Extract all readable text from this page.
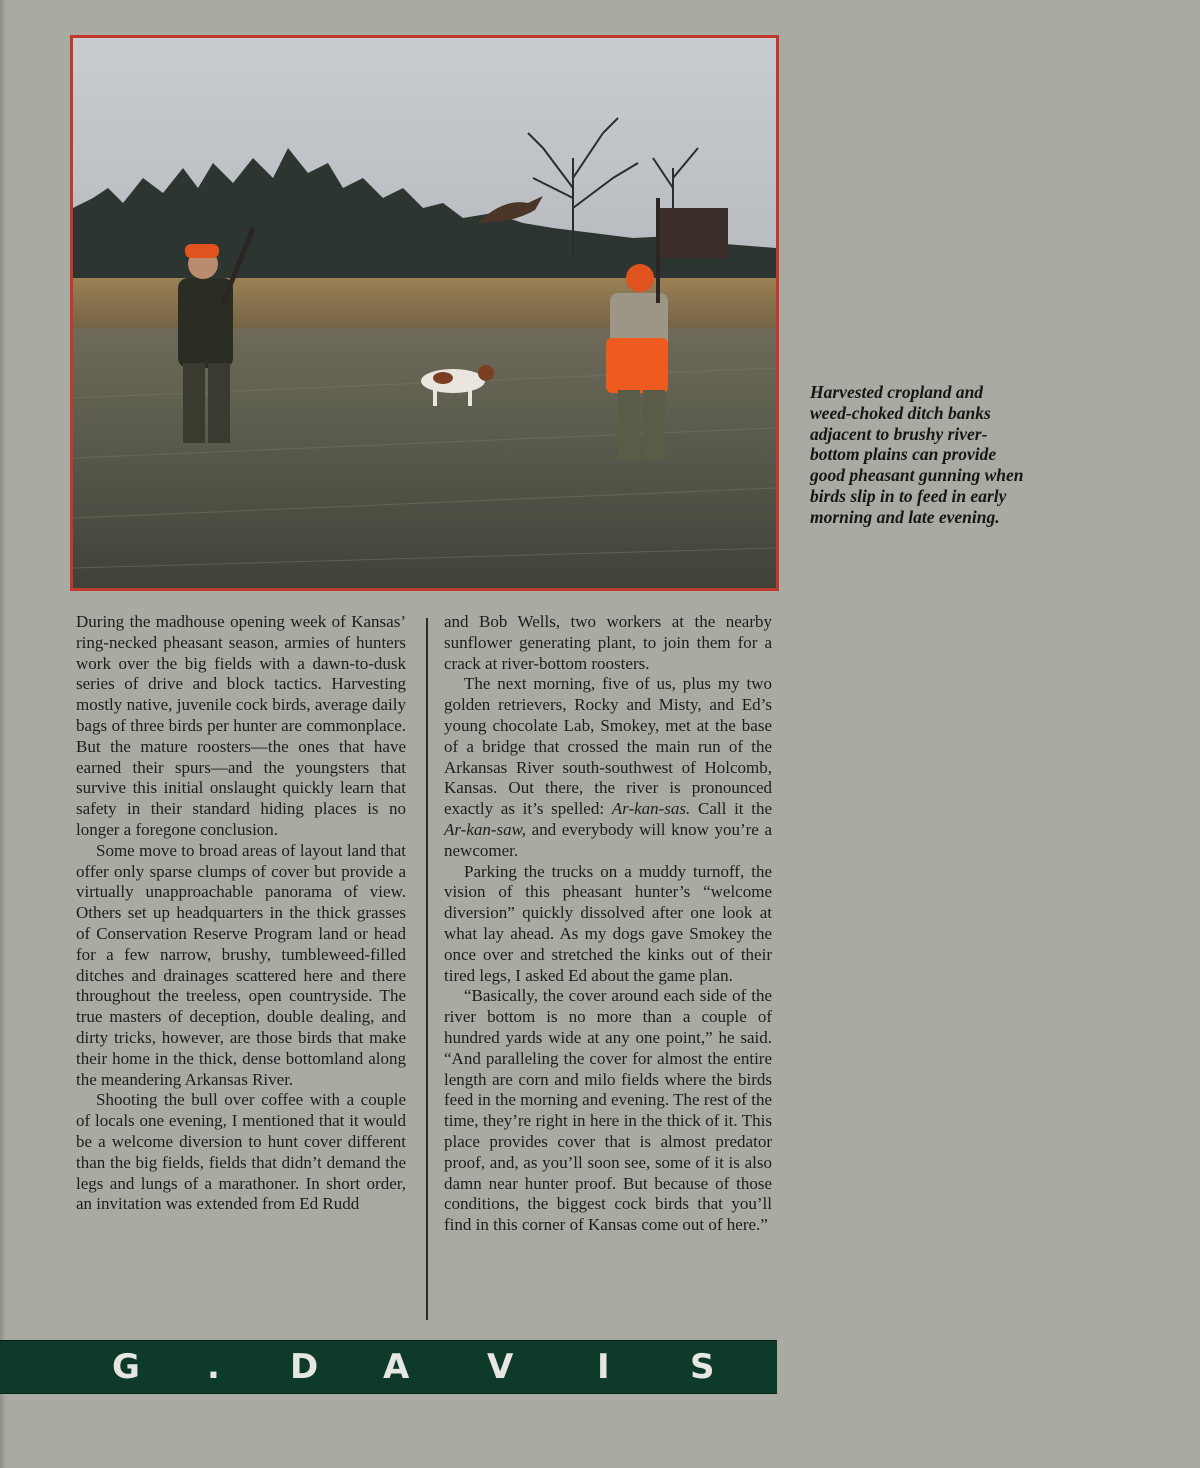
Harvested cropland and weed-choked ditch banks adjacent to brushy river-bottom plains can provide good pheasant gunning when birds slip in to feed in early morning and late evening.

During the madhouse opening week of Kansas’ ring-necked pheasant season, armies of hunters work over the big fields with a dawn-to-dusk series of drive and block tactics. Harvesting mostly native, juvenile cock birds, average daily bags of three birds per hunter are commonplace. But the mature roosters—the ones that have earned their spurs—and the youngsters that survive this initial onslaught quickly learn that safety in their standard hiding places is no longer a foregone conclusion.

Some move to broad areas of layout land that offer only sparse clumps of cover but provide a virtually unapproachable panorama of view. Others set up headquarters in the thick grasses of Conservation Reserve Program land or head for a few narrow, brushy, tumbleweed-filled ditches and drainages scattered here and there throughout the treeless, open countryside. The true masters of deception, double dealing, and dirty tricks, however, are those birds that make their home in the thick, dense bottomland along the meandering Arkansas River.

Shooting the bull over coffee with a couple of locals one evening, I mentioned that it would be a welcome diversion to hunt cover different than the big fields, fields that didn’t demand the legs and lungs of a marathoner. In short order, an invitation was extended from Ed Rudd

and Bob Wells, two workers at the nearby sunflower generating plant, to join them for a crack at river-bottom roosters.

The next morning, five of us, plus my two golden retrievers, Rocky and Misty, and Ed’s young chocolate Lab, Smokey, met at the base of a bridge that crossed the main run of the Arkansas River south-southwest of Holcomb, Kansas. Out there, the river is pronounced exactly as it’s spelled: Ar-kan-sas. Call it the Ar-kan-saw, and everybody will know you’re a newcomer.

Parking the trucks on a muddy turnoff, the vision of this pheasant hunter’s “welcome diversion” quickly dissolved after one look at what lay ahead. As my dogs gave Smokey the once over and stretched the kinks out of their tired legs, I asked Ed about the game plan.

“Basically, the cover around each side of the river bottom is no more than a couple of hundred yards wide at any one point,” he said. “And paralleling the cover for almost the entire length are corn and milo fields where the birds feed in the morning and evening. The rest of the time, they’re right in here in the thick of it. This place provides cover that is almost predator proof, and, as you’ll soon see, some of it is also damn near hunter proof. But because of those conditions, the biggest cock birds that you’ll find in this corner of Kansas come out of here.”

G . D A V I S
